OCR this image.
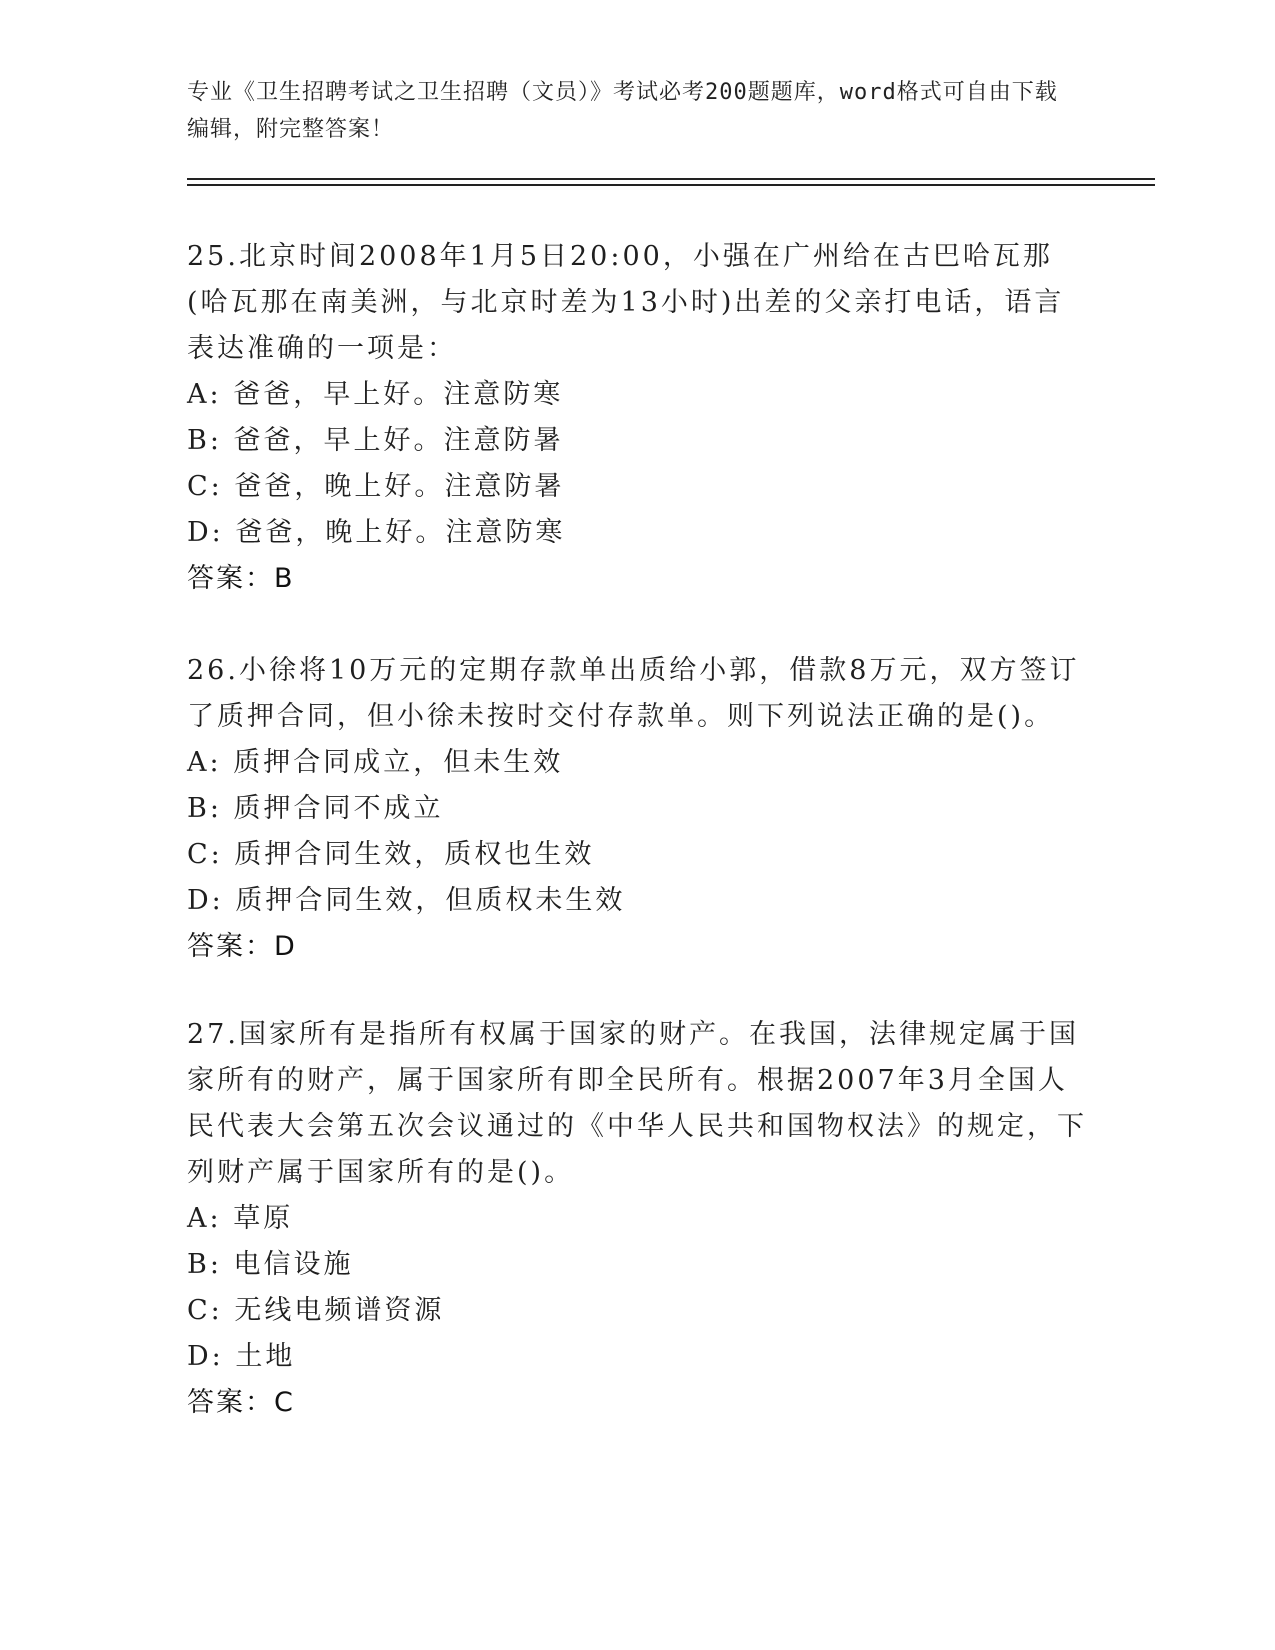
专业《卫生招聘考试之卫生招聘（文员）》考试必考200题题库，word格式可自由下载编辑，附完整答案！

25.北京时间2008年1月5日20:00，小强在广州给在古巴哈瓦那(哈瓦那在南美洲，与北京时差为13小时)出差的父亲打电话，语言表达准确的一项是：

A: 爸爸，早上好。注意防寒

B: 爸爸，早上好。注意防暑

C: 爸爸，晚上好。注意防暑

D: 爸爸，晚上好。注意防寒

答案：B

26.小徐将10万元的定期存款单出质给小郭，借款8万元，双方签订了质押合同，但小徐未按时交付存款单。则下列说法正确的是()。

A: 质押合同成立，但未生效

B: 质押合同不成立

C: 质押合同生效，质权也生效

D: 质押合同生效，但质权未生效

答案：D

27.国家所有是指所有权属于国家的财产。在我国，法律规定属于国家所有的财产，属于国家所有即全民所有。根据2007年3月全国人民代表大会第五次会议通过的《中华人民共和国物权法》的规定，下列财产属于国家所有的是()。

A: 草原

B: 电信设施

C: 无线电频谱资源

D: 土地

答案：C
